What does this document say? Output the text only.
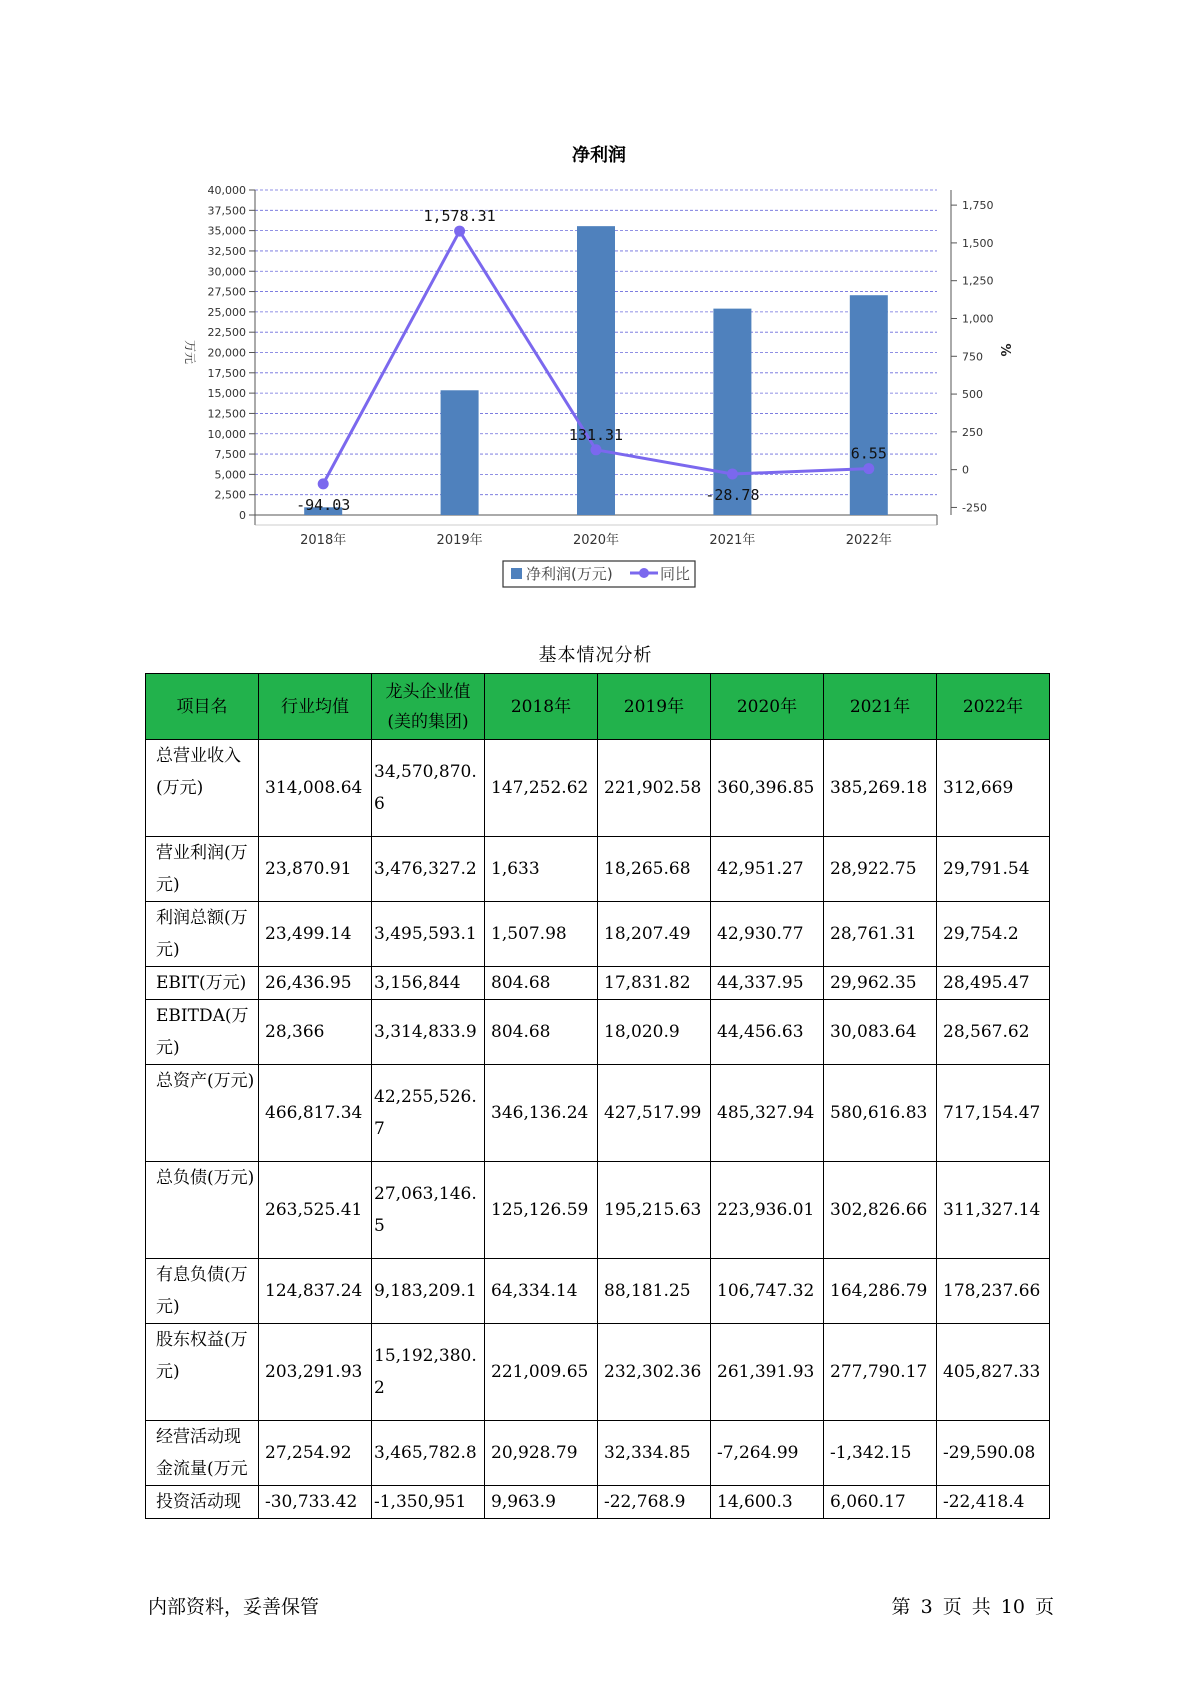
净利润
0
2,500
5,000
7,500
10,000
12,500
15,000
17,500
20,000
22,500
25,000
27,500
30,000
32,500
35,000
37,500
40,000
-250
0
250
500
750
1,000
1,250
1,500
1,750
万元	%
2018年	2019年	2020年	2021年	2022年
-94.03
1,578.31
131.31
-28.78
6.55
净利润(万元)	同比
基本情况分析
项目名	行业均值	龙头企业值(美的集团)	2018年	2019年	2020年	2021年	2022年
总营业收入(万元)	314,008.64	34,570,870.6	147,252.62	221,902.58	360,396.85	385,269.18	312,669
营业利润(万元)	23,870.91	3,476,327.2	1,633	18,265.68	42,951.27	28,922.75	29,791.54
利润总额(万元)	23,499.14	3,495,593.1	1,507.98	18,207.49	42,930.77	28,761.31	29,754.2
EBIT(万元)	26,436.95	3,156,844	804.68	17,831.82	44,337.95	29,962.35	28,495.47
EBITDA(万元)	28,366	3,314,833.9	804.68	18,020.9	44,456.63	30,083.64	28,567.62
总资产(万元)	466,817.34	42,255,526.7	346,136.24	427,517.99	485,327.94	580,616.83	717,154.47
总负债(万元)	263,525.41	27,063,146.5	125,126.59	195,215.63	223,936.01	302,826.66	311,327.14
有息负债(万元)	124,837.24	9,183,209.1	64,334.14	88,181.25	106,747.32	164,286.79	178,237.66
股东权益(万元)	203,291.93	15,192,380.2	221,009.65	232,302.36	261,391.93	277,790.17	405,827.33
经营活动现金流量(万元	27,254.92	3,465,782.8	20,928.79	32,334.85	-7,264.99	-1,342.15	-29,590.08
投资活动现	-30,733.42	-1,350,951	9,963.9	-22,768.9	14,600.3	6,060.17	-22,418.4
内部资料，妥善保管	第 3 页 共 10 页
